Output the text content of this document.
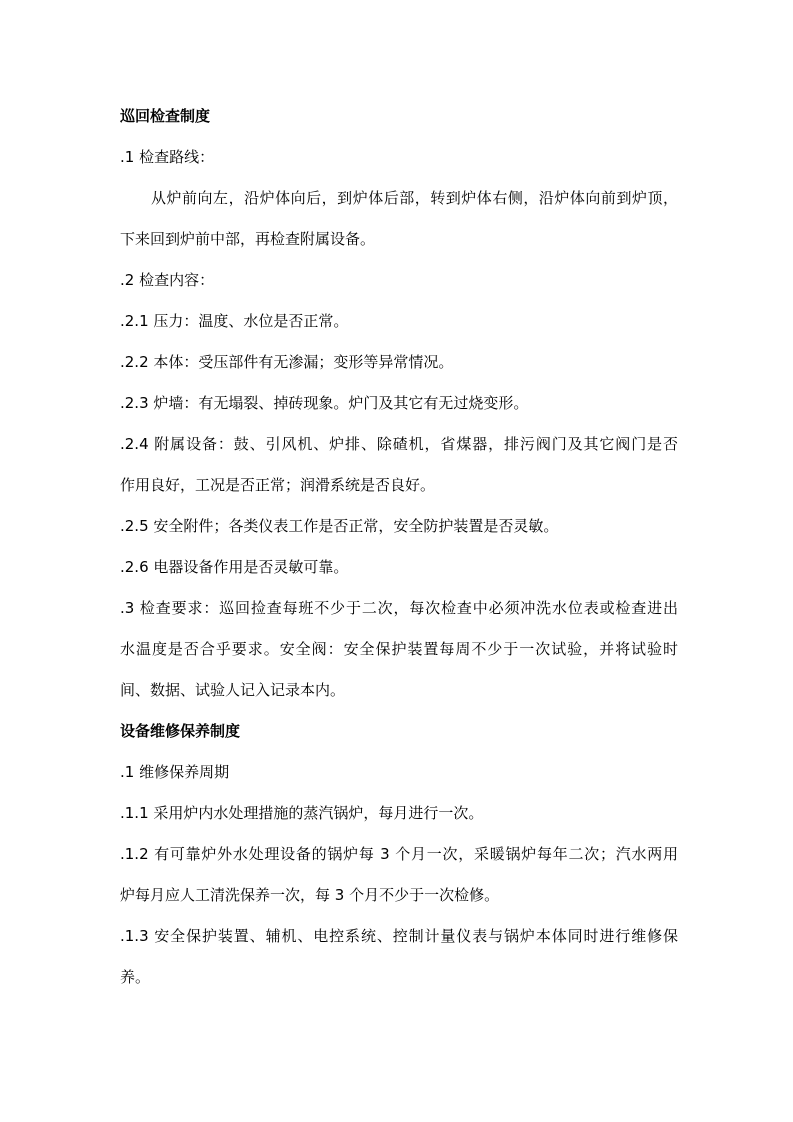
巡回检查制度

.1 检查路线：

从炉前向左，沿炉体向后，到炉体后部，转到炉体右侧，沿炉体向前到炉顶，

下来回到炉前中部，再检查附属设备。

.2 检查内容：

.2.1 压力：温度、水位是否正常。

.2.2 本体：受压部件有无渗漏；变形等异常情况。

.2.3 炉墙：有无塌裂、掉砖现象。炉门及其它有无过烧变形。

.2.4 附属设备：鼓、引风机、炉排、除碴机，省煤器，排污阀门及其它阀门是否

作用良好，工况是否正常；润滑系统是否良好。

.2.5 安全附件；各类仪表工作是否正常，安全防护装置是否灵敏。

.2.6 电器设备作用是否灵敏可靠。

.3 检查要求：巡回捡查每班不少于二次，每次检查中必须冲洗水位表或检查进出

水温度是否合乎要求。安全阀：安全保护装置每周不少于一次试验，并将试验时

间、数据、试验人记入记录本内。

设备维修保养制度

.1 维修保养周期

.1.1 采用炉内水处理措施的蒸汽锅炉，每月进行一次。

.1.2 有可靠炉外水处理设备的锅炉每 3 个月一次，采暖锅炉每年二次；汽水两用

炉每月应人工清洗保养一次，每 3 个月不少于一次检修。

.1.3 安全保护装置、辅机、电控系统、控制计量仪表与锅炉本体同时进行维修保

养。
